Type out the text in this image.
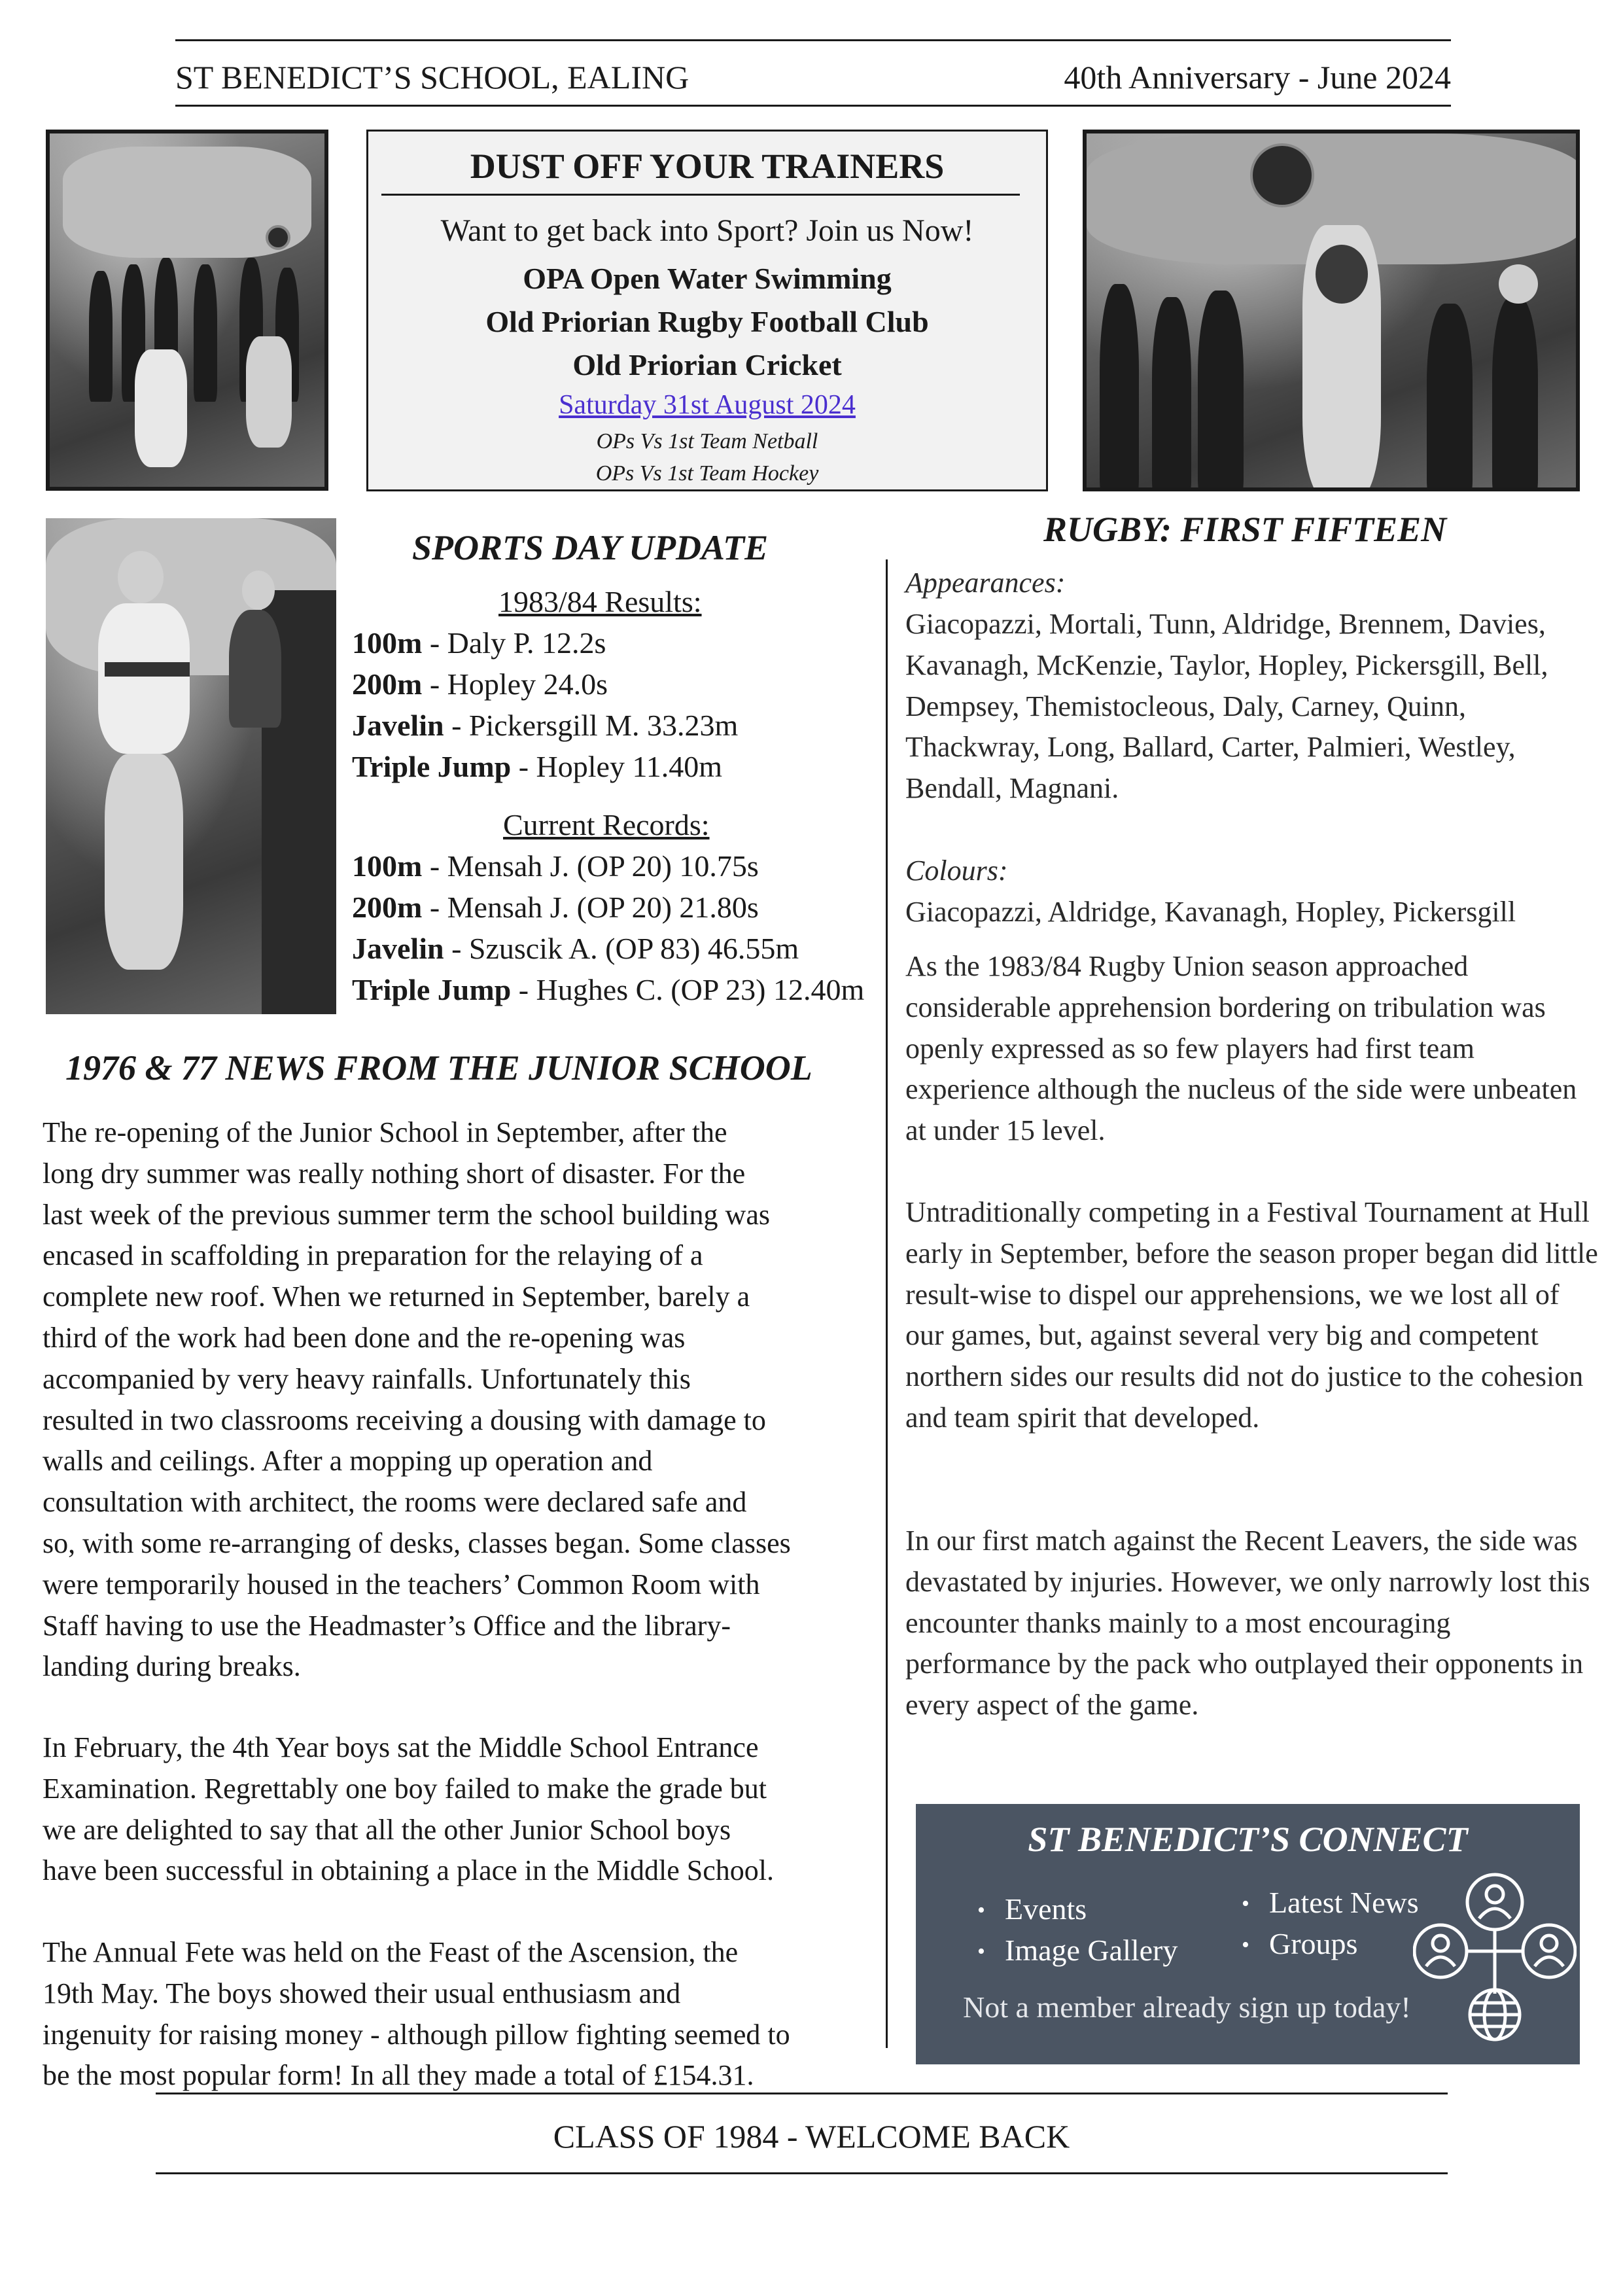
ST BENEDICT’S SCHOOL, EALING	40th Anniversary - June 2024
DUST OFF YOUR TRAINERS
Want to get back into Sport? Join us Now!
OPA Open Water Swimming
Old Priorian Rugby Football Club
Old Priorian Cricket
Saturday 31st August 2024
OPs Vs 1st Team Netball
OPs Vs 1st Team Hockey
SPORTS DAY UPDATE
1983/84 Results:
100m - Daly P. 12.2s
200m - Hopley 24.0s
Javelin - Pickersgill M. 33.23m
Triple Jump - Hopley 11.40m
Current Records:
100m - Mensah J. (OP 20) 10.75s
200m - Mensah J. (OP 20) 21.80s
Javelin - Szuscik A. (OP 83) 46.55m
Triple Jump - Hughes C. (OP 23) 12.40m
1976 & 77 NEWS FROM THE JUNIOR SCHOOL
The re-opening of the Junior School in September, after the
long dry summer was really nothing short of disaster. For the
last week of the previous summer term the school building was
encased in scaffolding in preparation for the relaying of a
complete new roof. When we returned in September, barely a
third of the work had been done and the re-opening was
accompanied by very heavy rainfalls. Unfortunately this
resulted in two classrooms receiving a dousing with damage to
walls and ceilings. After a mopping up operation and
consultation with architect, the rooms were declared safe and
so, with some re-arranging of desks, classes began. Some classes
were temporarily housed in the teachers’ Common Room with
Staff having to use the Headmaster’s Office and the library-
landing during breaks.
In February, the 4th Year boys sat the Middle School Entrance
Examination. Regrettably one boy failed to make the grade but
we are delighted to say that all the other Junior School boys
have been successful in obtaining a place in the Middle School.
The Annual Fete was held on the Feast of the Ascension, the
19th May. The boys showed their usual enthusiasm and
ingenuity for raising money - although pillow fighting seemed to
be the most popular form! In all they made a total of £154.31.
RUGBY: FIRST FIFTEEN
Appearances:
Giacopazzi, Mortali, Tunn, Aldridge, Brennem, Davies, Kavanagh, McKenzie, Taylor, Hopley, Pickersgill, Bell, Dempsey, Themistocleous, Daly, Carney, Quinn, Thackwray, Long, Ballard, Carter, Palmieri, Westley, Bendall, Magnani.
Colours:
Giacopazzi, Aldridge, Kavanagh, Hopley, Pickersgill
As the 1983/84 Rugby Union season approached considerable apprehension bordering on tribulation was openly expressed as so few players had first team experience although the nucleus of the side were unbeaten at under 15 level.
Untraditionally competing in a Festival Tournament at Hull early in September, before the season proper began did little result-wise to dispel our apprehensions, we we lost all of our games, but, against several very big and competent northern sides our results did not do justice to the cohesion and team spirit that developed.
In our first match against the Recent Leavers, the side was devastated by injuries. However, we only narrowly lost this encounter thanks mainly to a most encouraging performance by the pack who outplayed their opponents in every aspect of the game.
ST BENEDICT’S CONNECT
• Events
• Image Gallery
• Latest News
• Groups
Not a member already sign up today!
CLASS OF 1984 - WELCOME BACK
